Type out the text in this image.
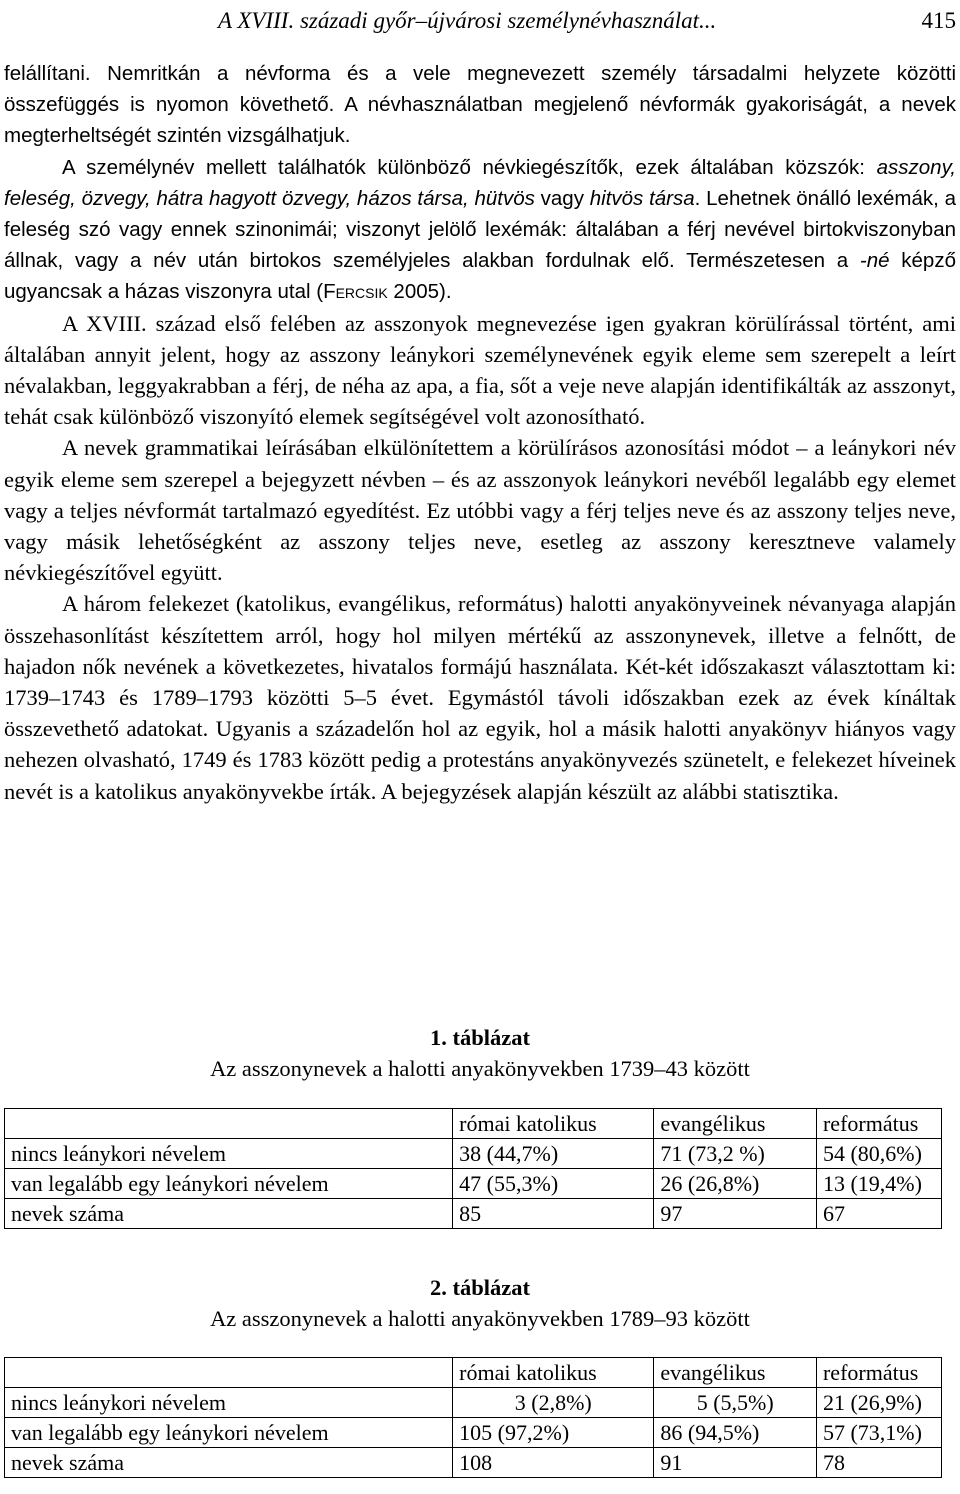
A XVIII. századi győr–újvárosi személynévhasználat...	415

felállítani. Nemritkán a névforma és a vele megnevezett személy társadalmi helyzete közötti összefüggés is nyomon követhető. A névhasználatban megjelenő névformák gyakoriságát, a nevek megterheltségét szintén vizsgálhatjuk.

A személynév mellett találhatók különböző névkiegészítők, ezek általában közszók: asszony, feleség, özvegy, hátra hagyott özvegy, házos társa, hütvös vagy hitvös társa. Lehetnek önálló lexémák, a feleség szó vagy ennek szinonimái; viszonyt jelölő lexémák: általában a férj nevével birtokviszonyban állnak, vagy a név után birtokos személyjeles alakban fordulnak elő. Természetesen a -né képző ugyancsak a házas viszonyra utal (Fercsik 2005).

A XVIII. század első felében az asszonyok megnevezése igen gyakran körülírással történt, ami általában annyit jelent, hogy az asszony leánykori személynevének egyik eleme sem szerepelt a leírt névalakban, leggyakrabban a férj, de néha az apa, a fia, sőt a veje neve alapján identifikálták az asszonyt, tehát csak különböző viszonyító elemek segítségével volt azonosítható.

A nevek grammatikai leírásában elkülönítettem a körülírásos azonosítási módot – a leánykori név egyik eleme sem szerepel a bejegyzett névben – és az asszonyok leánykori nevéből legalább egy elemet vagy a teljes névformát tartalmazó egyedítést. Ez utóbbi vagy a férj teljes neve és az asszony teljes neve, vagy másik lehetőségként az asszony teljes neve, esetleg az asszony keresztneve valamely névkiegészítővel együtt.

A három felekezet (katolikus, evangélikus, református) halotti anyakönyveinek névanyaga alapján összehasonlítást készítettem arról, hogy hol milyen mértékű az asszonynevek, illetve a felnőtt, de hajadon nők nevének a következetes, hivatalos formájú használata. Két-két időszakaszt választottam ki: 1739–1743 és 1789–1793 közötti 5–5 évet. Egymástól távoli időszakban ezek az évek kínáltak összevethető adatokat. Ugyanis a századelőn hol az egyik, hol a másik halotti anyakönyv hiányos vagy nehezen olvasható, 1749 és 1783 között pedig a protestáns anyakönyvezés szünetelt, e felekezet híveinek nevét is a katolikus anyakönyvekbe írták. A bejegyzések alapján készült az alábbi statisztika.

1. táblázat
Az asszonynevek a halotti anyakönyvekben 1739–43 között
	római katolikus	evangélikus	református
nincs leánykori névelem	38 (44,7%)	71 (73,2 %)	54 (80,6%)
van legalább egy leánykori névelem	47 (55,3%)	26 (26,8%)	13 (19,4%)
nevek száma	85	97	67
2. táblázat
Az asszonynevek a halotti anyakönyvekben 1789–93 között
	római katolikus	evangélikus	református
nincs leánykori névelem	3 (2,8%)	5 (5,5%)	21 (26,9%)
van legalább egy leánykori névelem	105 (97,2%)	86 (94,5%)	57 (73,1%)
nevek száma	108	91	78
